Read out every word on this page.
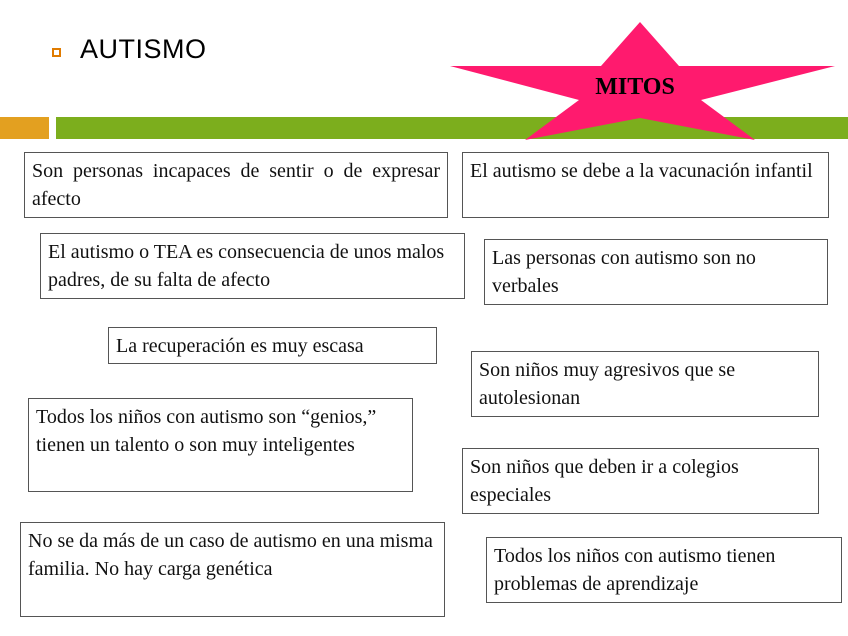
AUTISMO
MITOS
Son personas incapaces de sentir o de expresar afecto
El autismo o TEA es consecuencia de unos malos padres, de su falta de afecto
La recuperación es muy escasa
Todos los niños con autismo son “genios,” tienen un talento o son muy inteligentes
No se da más de un caso de autismo en una misma familia. No hay carga genética
El autismo se debe a la vacunación infantil
Las personas con autismo son no verbales
Son niños muy agresivos que se autolesionan
Son niños que deben ir a colegios especiales
Todos los niños con autismo tienen problemas de aprendizaje
